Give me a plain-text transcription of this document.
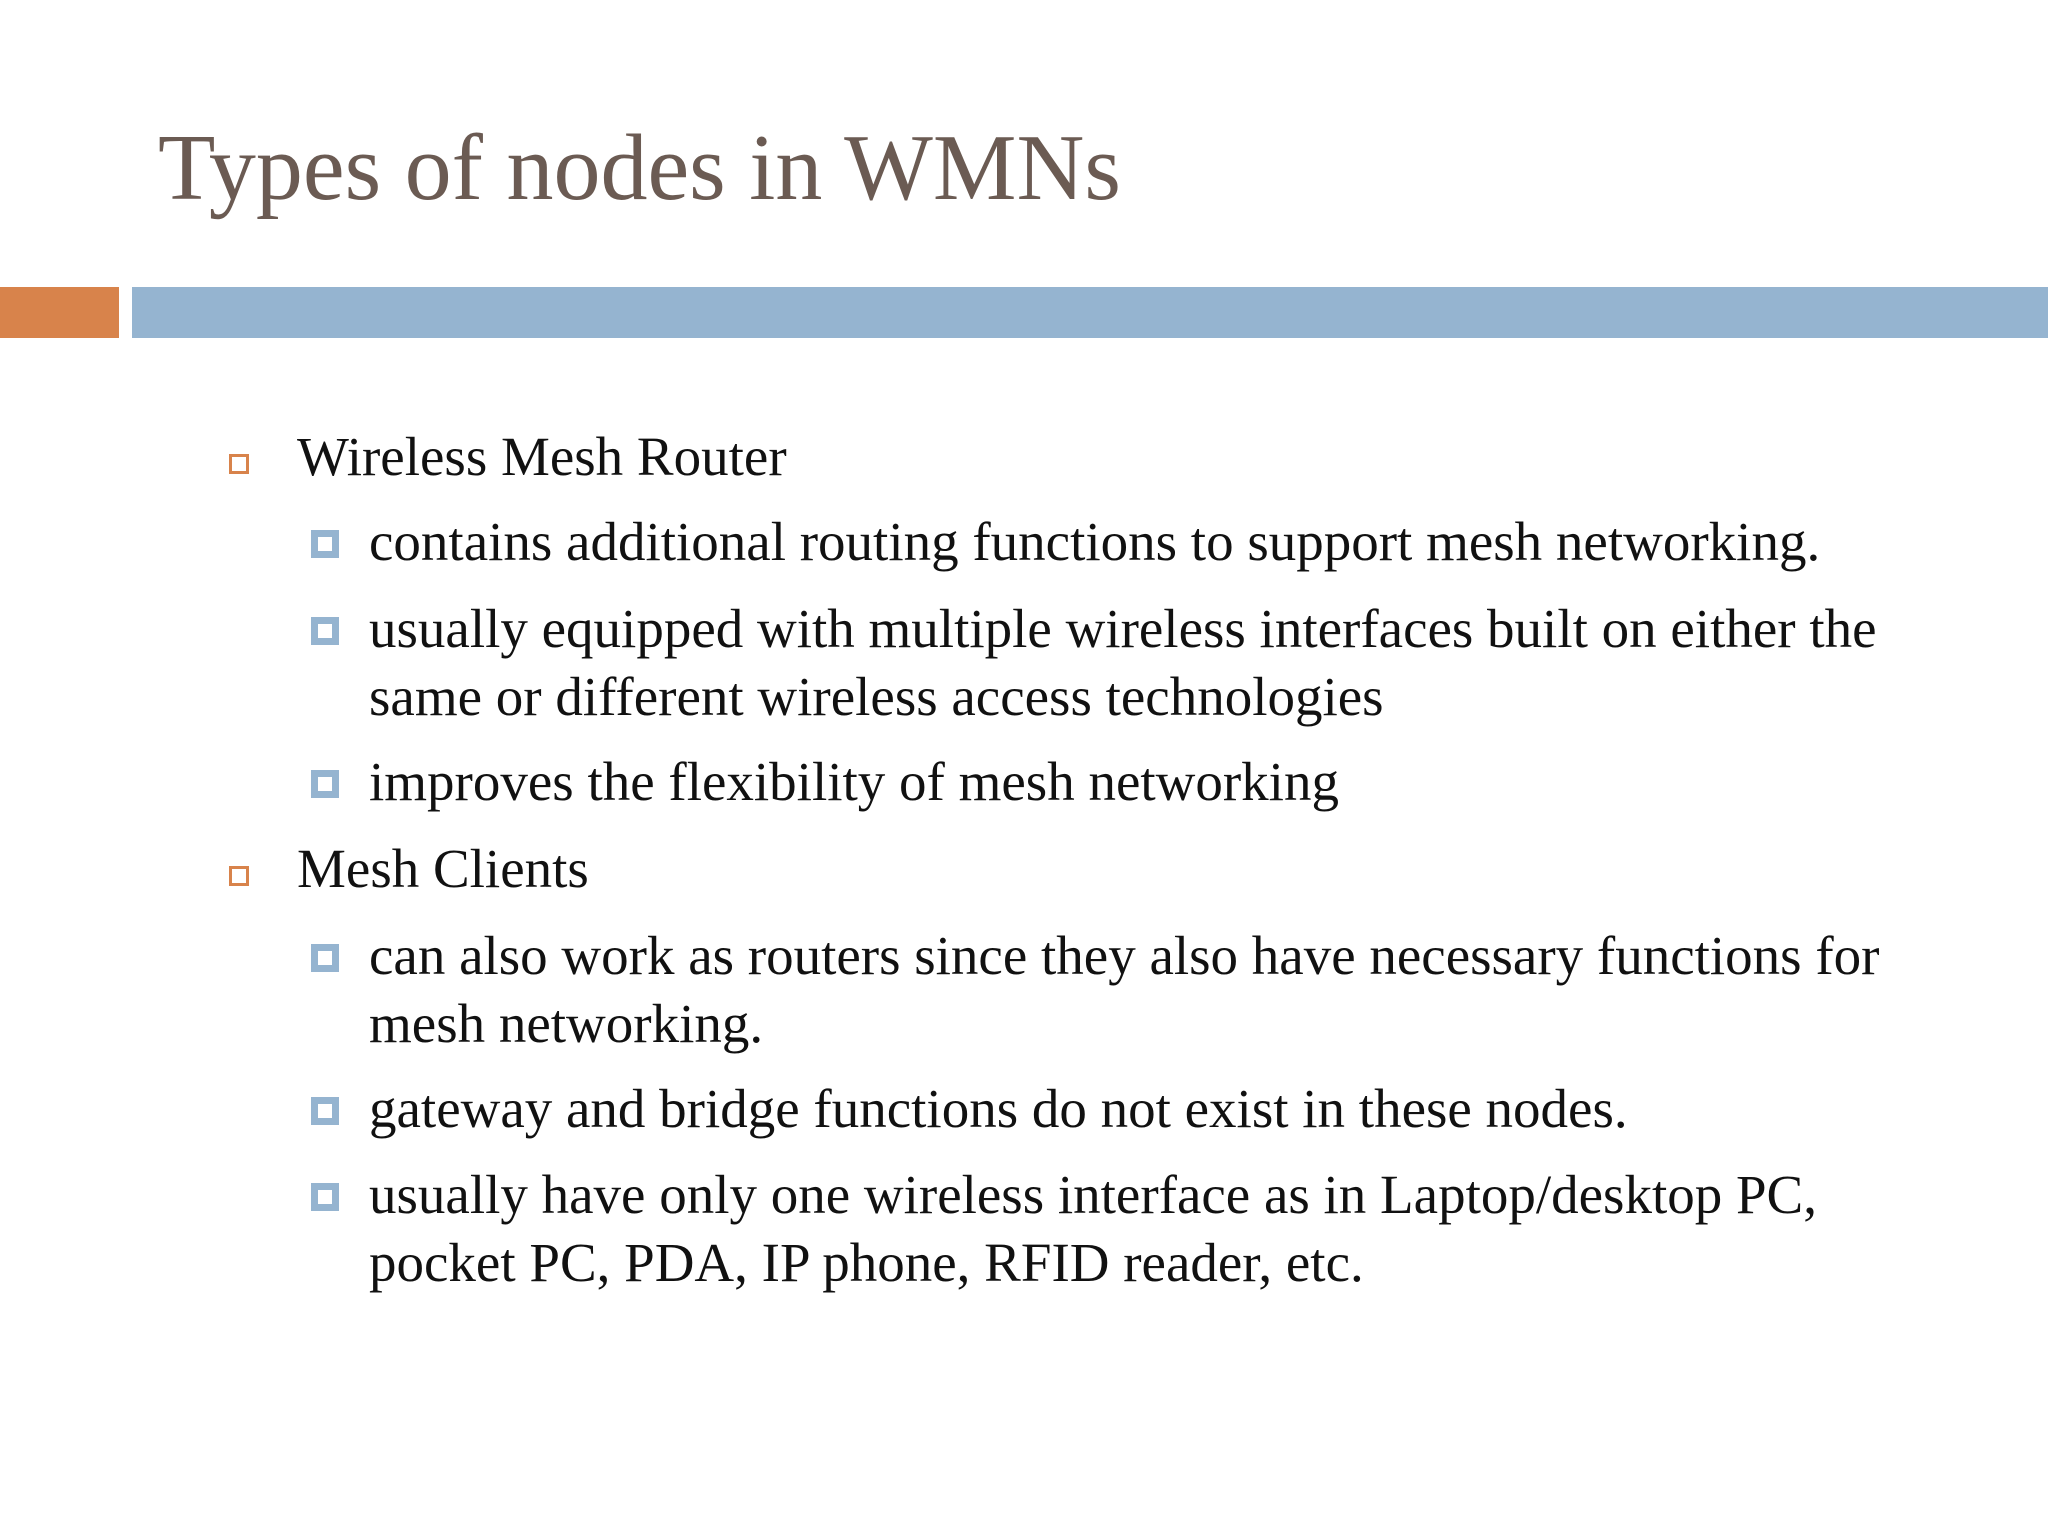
Types of nodes in WMNs
Wireless Mesh Router
contains additional routing functions to support mesh networking.
usually equipped with multiple wireless interfaces built on either the same or different wireless access technologies
improves the flexibility of mesh networking
Mesh Clients
can also work as routers since they also have necessary functions for mesh networking.
gateway and bridge functions do not exist in these nodes.
usually have only one wireless interface as in Laptop/desktop PC, pocket PC, PDA, IP phone, RFID reader, etc.
